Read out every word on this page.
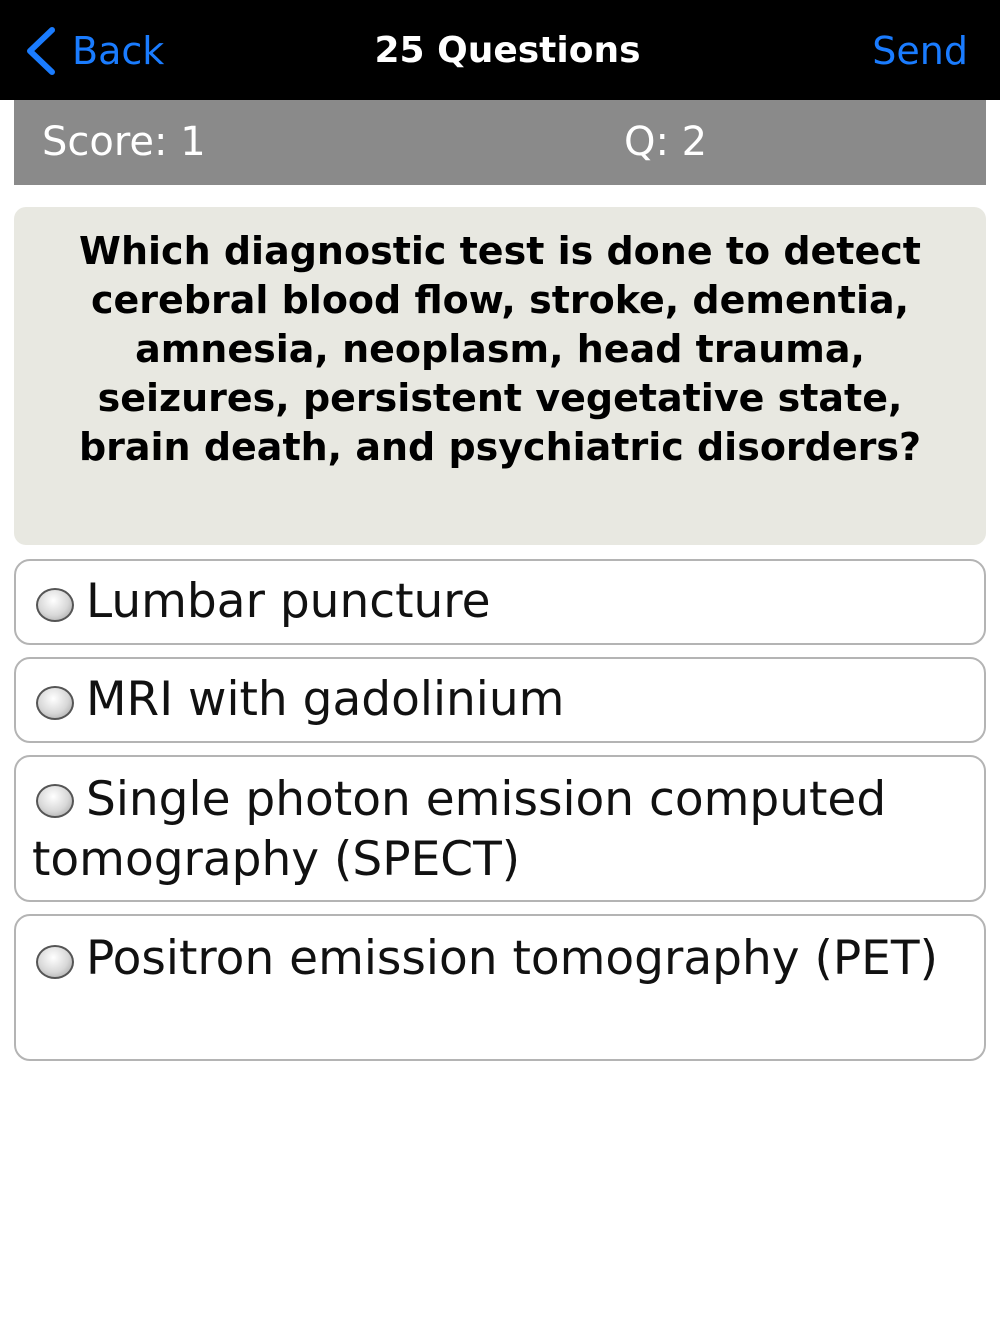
Back	25 Questions	Send
Score: 1	Q: 2
Which diagnostic test is done to detect cerebral blood flow, stroke, dementia, amnesia, neoplasm, head trauma, seizures, persistent vegetative state, brain death, and psychiatric disorders?
Lumbar puncture
MRI with gadolinium
Single photon emission computed tomography (SPECT)
Positron emission tomography (PET)
